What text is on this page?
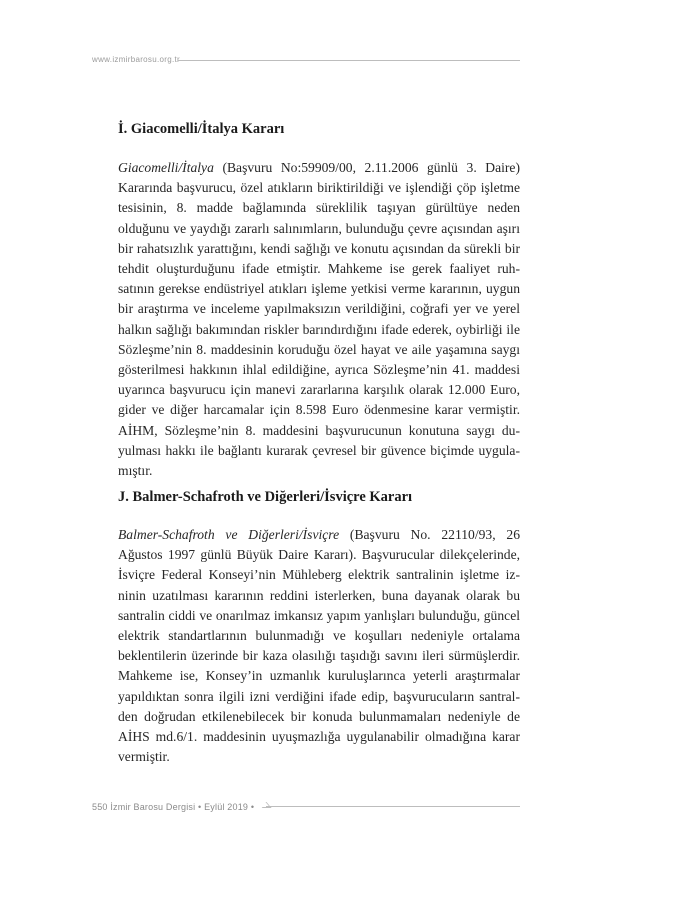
www.izmirbarosu.org.tr
İ. Giacomelli/İtalya Kararı
Giacomelli/İtalya (Başvuru No:59909/00, 2.11.2006 günlü 3. Daire) Kararında başvurucu, özel atıkların biriktirildiği ve işlendiği çöp işletme tesisinin, 8. madde bağlamında süreklilik taşıyan gürültüye neden olduğunu ve yaydığı zararlı salınımların, bulunduğu çevre açısından aşırı bir rahatsızlık yarattığını, kendi sağlığı ve konutu açısından da sürekli bir tehdit oluşturduğunu ifade etmiştir. Mahkeme ise gerek faaliyet ruhsatının gerekse endüstriyel atıkları işleme yetkisi verme kararının, uygun bir araştırma ve inceleme yapılmaksızın verildiğini, coğrafi yer ve yerel halkın sağlığı bakımından riskler barındırdığını ifade ederek, oybirliği ile Sözleşme’nin 8. maddesinin koruduğu özel hayat ve aile yaşamına saygı gösterilmesi hakkının ihlal edildiğine, ayrıca Sözleşme’nin 41. maddesi uyarınca başvurucu için manevi zararlarına karşılık olarak 12.000 Euro, gider ve diğer harcamalar için 8.598 Euro ödenmesine karar vermiştir. AİHM, Sözleşme’nin 8. maddesini başvurucunun konutuna saygı duyulması hakkı ile bağlantı kurarak çevresel bir güvence biçimde uygulamıştır.
J. Balmer-Schafroth ve Diğerleri/İsviçre Kararı
Balmer-Schafroth ve Diğerleri/İsviçre (Başvuru No. 22110/93, 26 Ağustos 1997 günlü Büyük Daire Kararı). Başvurucular dilekçelerinde, İsviçre Federal Konseyi’nin Mühleberg elektrik santralinin işletme izninin uzatılması kararının reddini isterlerken, buna dayanak olarak bu santralin ciddi ve onarılmaz imkansız yapım yanlışları bulunduğu, güncel elektrik standartlarının bulunmadığı ve koşulları nedeniyle ortalama beklentilerin üzerinde bir kaza olasılığı taşıdığı savını ileri sürmüşlerdir. Mahkeme ise, Konsey’in uzmanlık kuruluşlarınca yeterli araştırmalar yapıldıktan sonra ilgili izni verdiğini ifade edip, başvurucuların santralden doğrudan etkilenebilecek bir konuda bulunmamaları nedeniyle de AİHS md.6/1. maddesinin uyuşmazlığa uygulanabilir olmadığına karar vermiştir.
550 İzmir Barosu Dergisi • Eylül 2019 •
